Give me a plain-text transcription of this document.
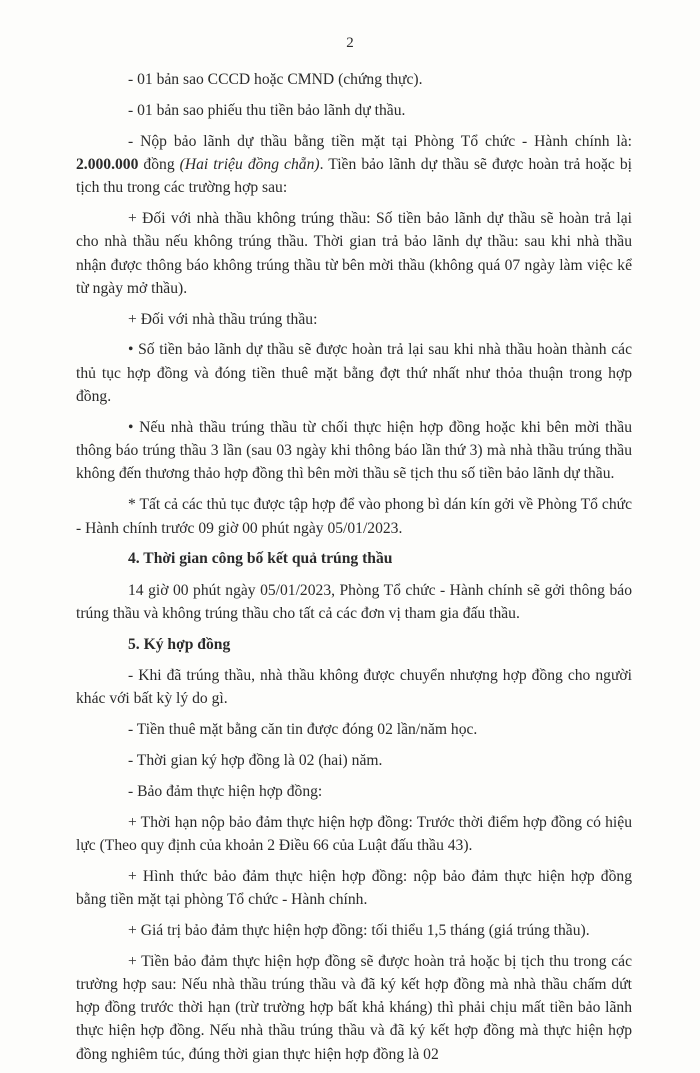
2
- 01 bản sao CCCD hoặc CMND (chứng thực).
- 01 bản sao phiếu thu tiền bảo lãnh dự thầu.
- Nộp bảo lãnh dự thầu bằng tiền mặt tại Phòng Tổ chức - Hành chính là: 2.000.000 đồng (Hai triệu đồng chẵn). Tiền bảo lãnh dự thầu sẽ được hoàn trả hoặc bị tịch thu trong các trường hợp sau:
+ Đối với nhà thầu không trúng thầu: Số tiền bảo lãnh dự thầu sẽ hoàn trả lại cho nhà thầu nếu không trúng thầu. Thời gian trả bảo lãnh dự thầu: sau khi nhà thầu nhận được thông báo không trúng thầu từ bên mời thầu (không quá 07 ngày làm việc kể từ ngày mở thầu).
+ Đối với nhà thầu trúng thầu:
• Số tiền bảo lãnh dự thầu sẽ được hoàn trả lại sau khi nhà thầu hoàn thành các thủ tục hợp đồng và đóng tiền thuê mặt bằng đợt thứ nhất như thỏa thuận trong hợp đồng.
• Nếu nhà thầu trúng thầu từ chối thực hiện hợp đồng hoặc khi bên mời thầu thông báo trúng thầu 3 lần (sau 03 ngày khi thông báo lần thứ 3) mà nhà thầu trúng thầu không đến thương thảo hợp đồng thì bên mời thầu sẽ tịch thu số tiền bảo lãnh dự thầu.
* Tất cả các thủ tục được tập hợp để vào phong bì dán kín gởi về Phòng Tổ chức - Hành chính trước 09 giờ 00 phút ngày 05/01/2023.
4. Thời gian công bố kết quả trúng thầu
14 giờ 00 phút ngày 05/01/2023, Phòng Tổ chức - Hành chính sẽ gởi thông báo trúng thầu và không trúng thầu cho tất cả các đơn vị tham gia đấu thầu.
5. Ký hợp đồng
- Khi đã trúng thầu, nhà thầu không được chuyển nhượng hợp đồng cho người khác với bất kỳ lý do gì.
- Tiền thuê mặt bằng căn tin được đóng 02 lần/năm học.
- Thời gian ký hợp đồng là 02 (hai) năm.
- Bảo đảm thực hiện hợp đồng:
+ Thời hạn nộp bảo đảm thực hiện hợp đồng: Trước thời điểm hợp đồng có hiệu lực (Theo quy định của khoản 2 Điều 66 của Luật đấu thầu 43).
+ Hình thức bảo đảm thực hiện hợp đồng: nộp bảo đảm thực hiện hợp đồng bằng tiền mặt tại phòng Tổ chức - Hành chính.
+ Giá trị bảo đảm thực hiện hợp đồng: tối thiểu 1,5 tháng (giá trúng thầu).
+ Tiền bảo đảm thực hiện hợp đồng sẽ được hoàn trả hoặc bị tịch thu trong các trường hợp sau: Nếu nhà thầu trúng thầu và đã ký kết hợp đồng mà nhà thầu chấm dứt hợp đồng trước thời hạn (trừ trường hợp bất khả kháng) thì phải chịu mất tiền bảo lãnh thực hiện hợp đồng. Nếu nhà thầu trúng thầu và đã ký kết hợp đồng mà thực hiện hợp đồng nghiêm túc, đúng thời gian thực hiện hợp đồng là 02
